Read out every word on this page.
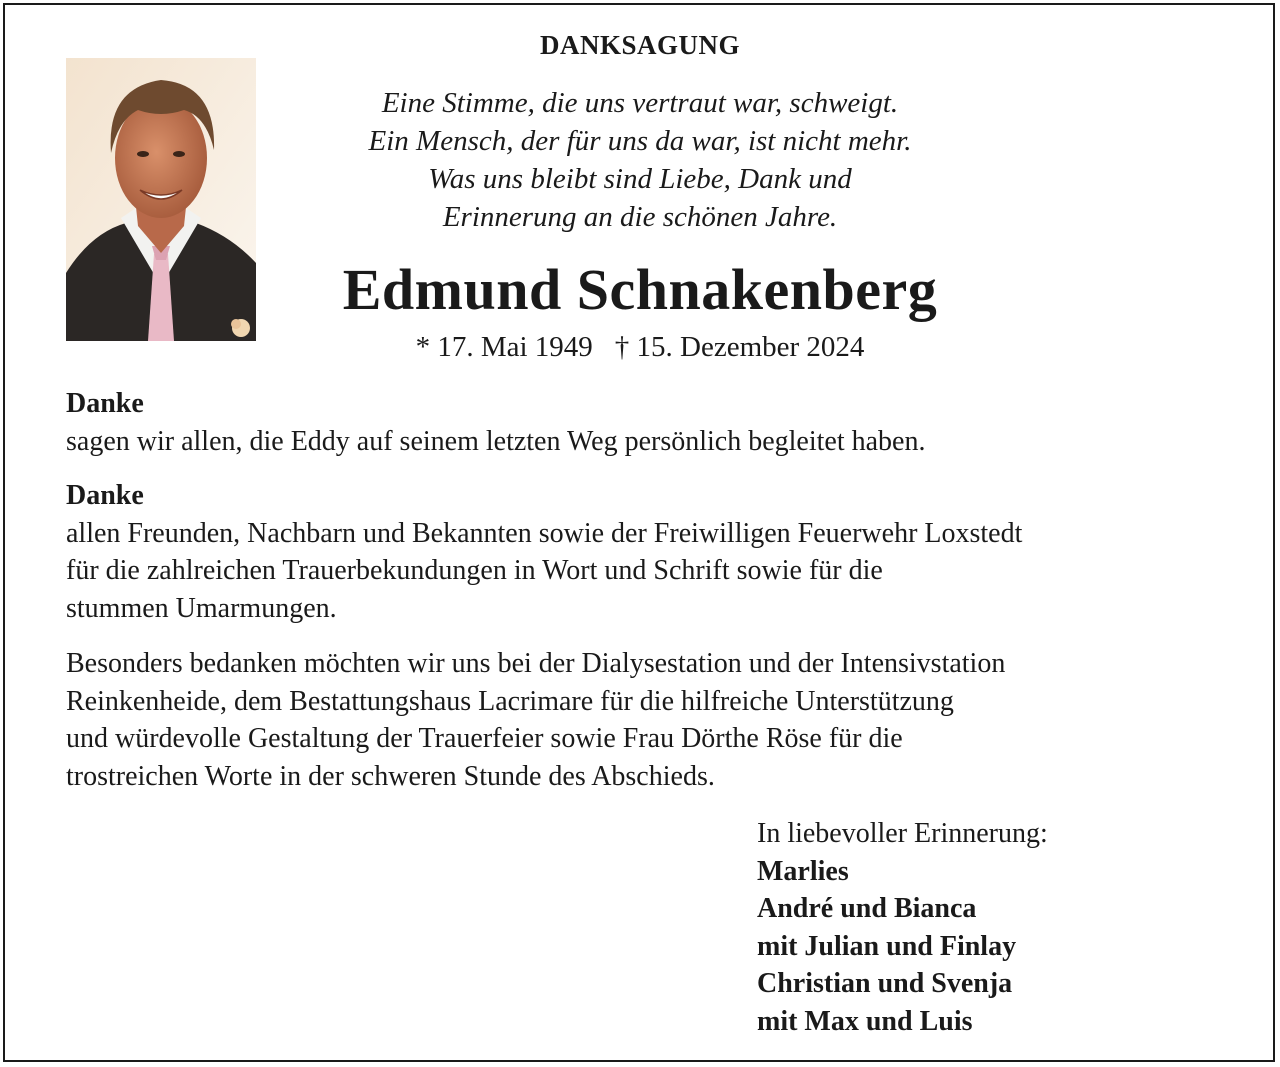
DANKSAGUNG
Eine Stimme, die uns vertraut war, schweigt.
Ein Mensch, der für uns da war, ist nicht mehr.
Was uns bleibt sind Liebe, Dank und
Erinnerung an die schönen Jahre.
Edmund Schnakenberg
* 17. Mai 1949 † 15. Dezember 2024
Danke
sagen wir allen, die Eddy auf seinem letzten Weg persönlich begleitet haben.
Danke
allen Freunden, Nachbarn und Bekannten sowie der Freiwilligen Feuerwehr Loxstedt
für die zahlreichen Trauerbekundungen in Wort und Schrift sowie für die
stummen Umarmungen.
Besonders bedanken möchten wir uns bei der Dialysestation und der Intensivstation
Reinkenheide, dem Bestattungshaus Lacrimare für die hilfreiche Unterstützung
und würdevolle Gestaltung der Trauerfeier sowie Frau Dörthe Röse für die
trostreichen Worte in der schweren Stunde des Abschieds.
In liebevoller Erinnerung:
Marlies
André und Bianca
mit Julian und Finlay
Christian und Svenja
mit Max und Luis
